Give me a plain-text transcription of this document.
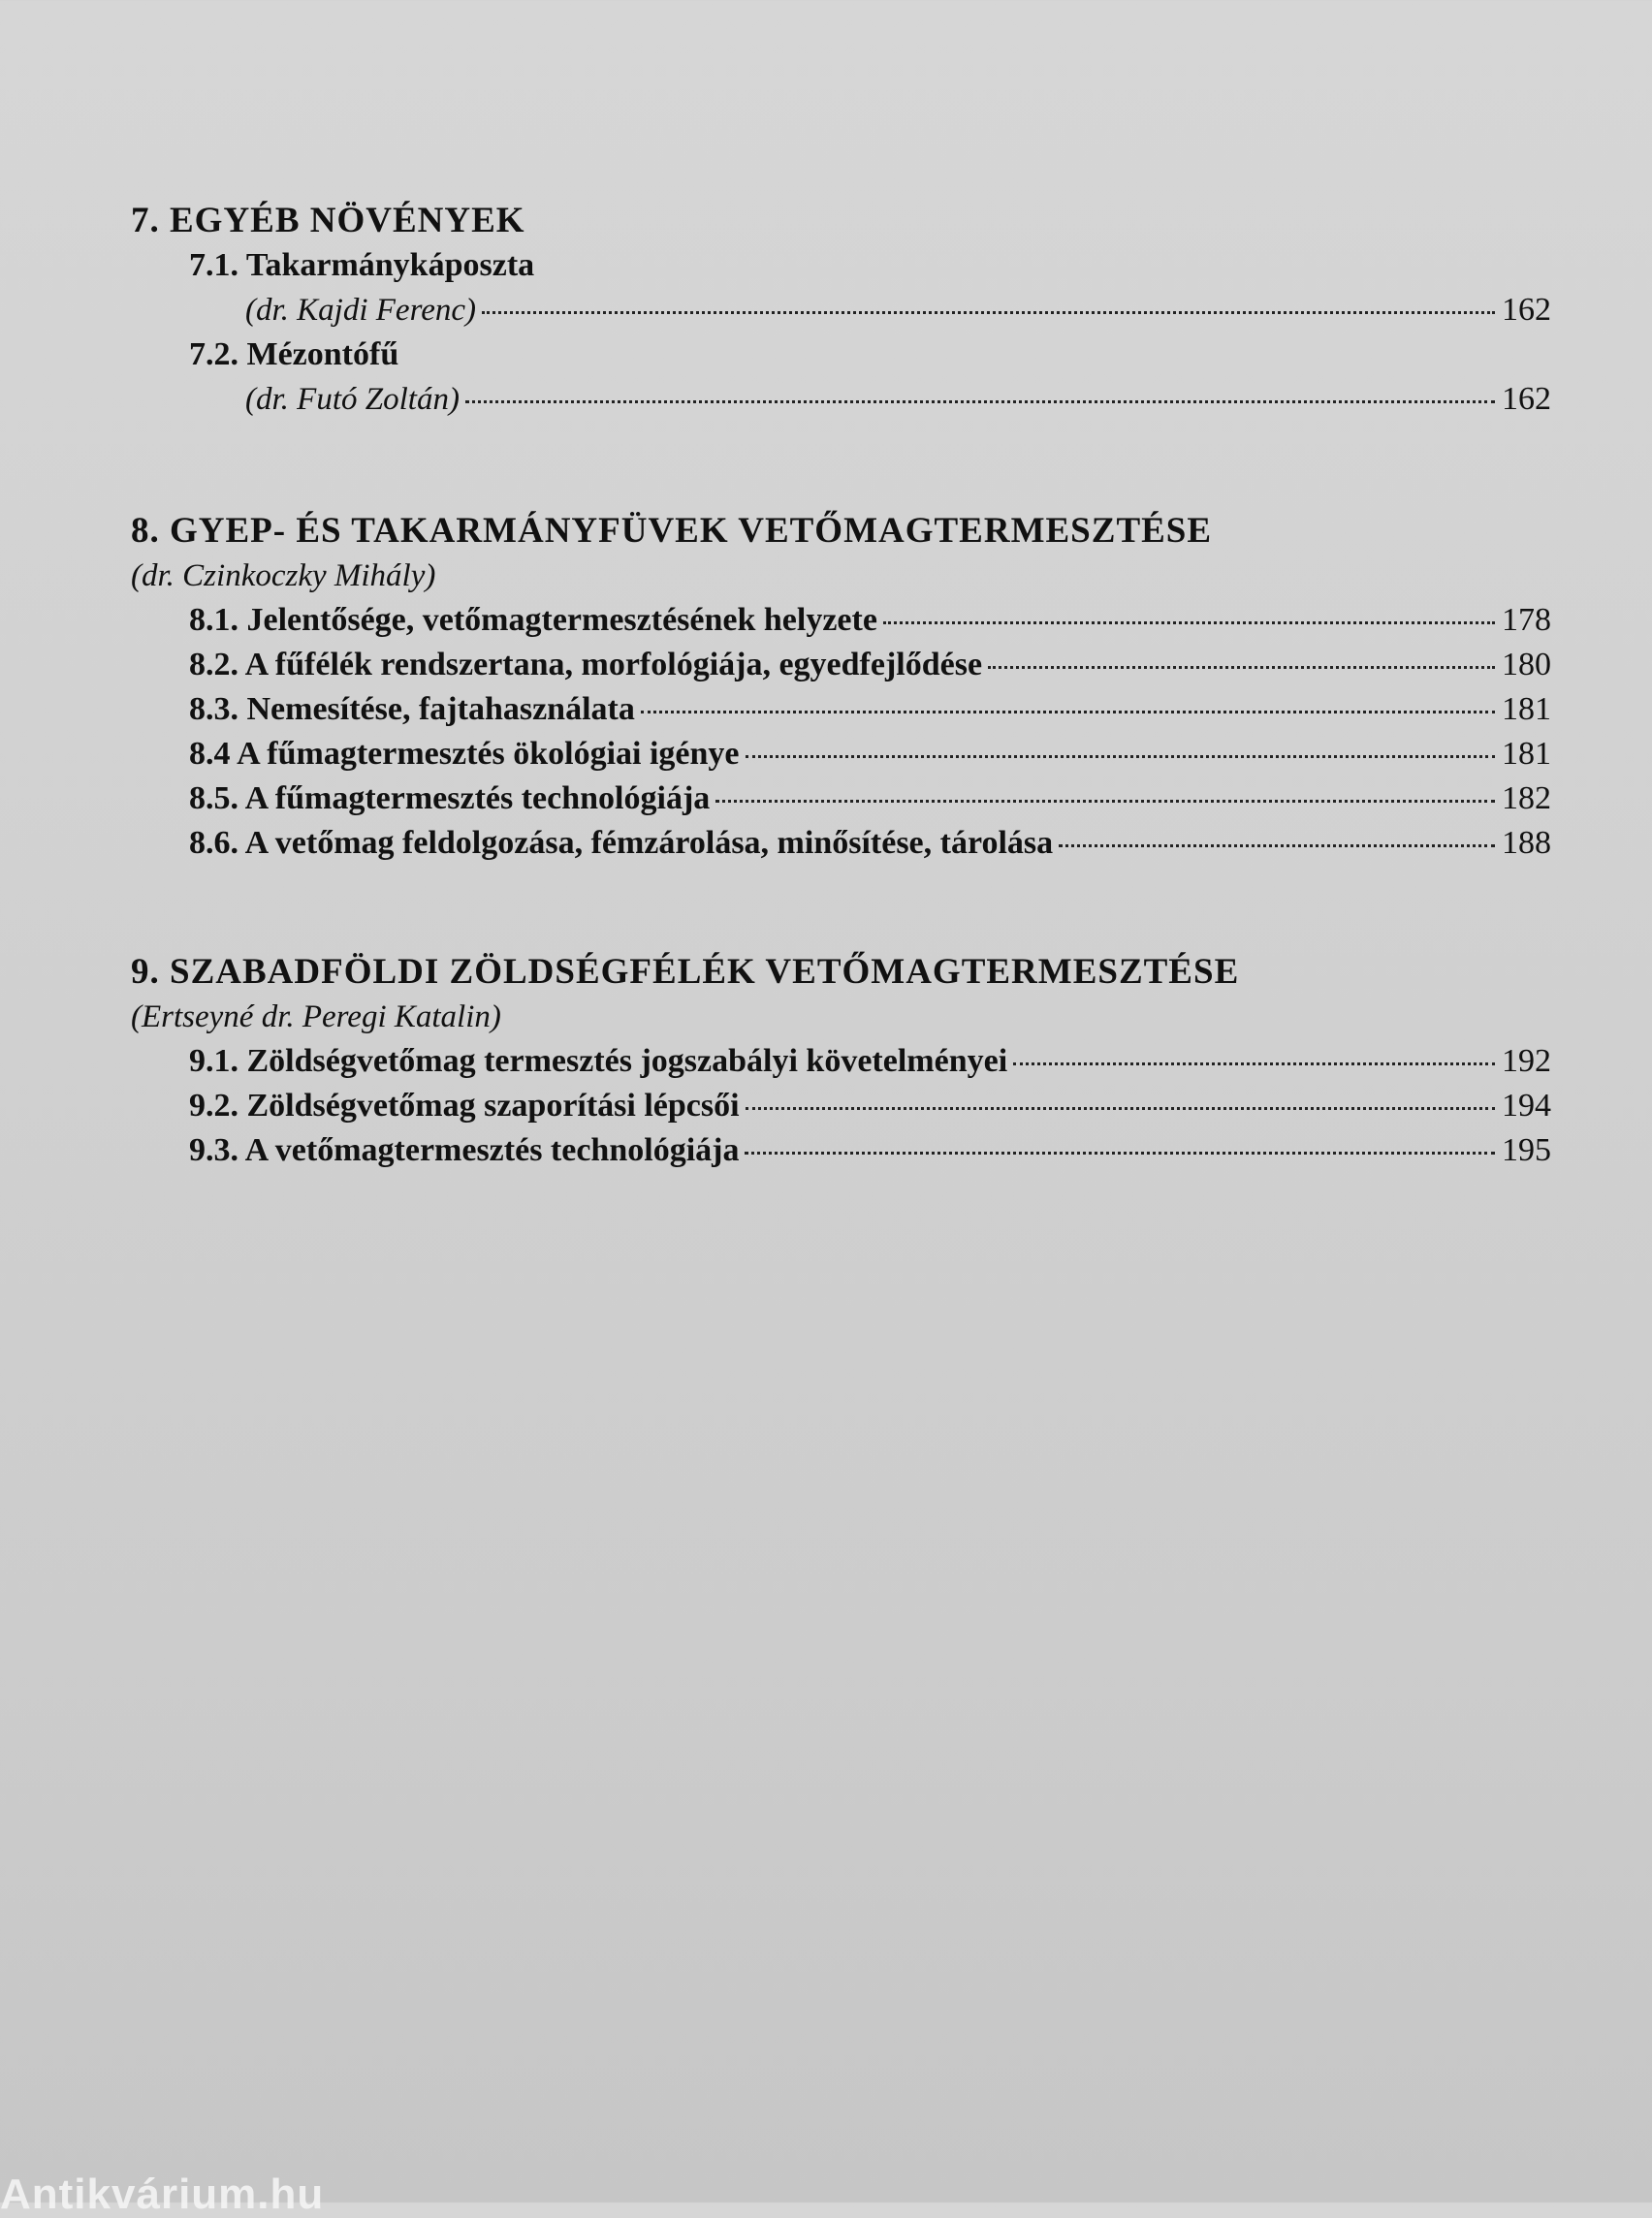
7. EGYÉB NÖVÉNYEK
7.1. Takarmánykáposzta
(dr. Kajdi Ferenc)	162
7.2. Mézontófű
(dr. Futó Zoltán)	162
8. GYEP- ÉS TAKARMÁNYFÜVEK VETŐMAGTERMESZTÉSE
(dr. Czinkoczky Mihály)
8.1. Jelentősége, vetőmagtermesztésének helyzete	178
8.2. A fűfélék rendszertana, morfológiája, egyedfejlődése	180
8.3. Nemesítése, fajtahasználata	181
8.4 A fűmagtermesztés ökológiai igénye	181
8.5. A fűmagtermesztés technológiája	182
8.6. A vetőmag feldolgozása, fémzárolása, minősítése, tárolása	188
9. SZABADFÖLDI ZÖLDSÉGFÉLÉK VETŐMAGTERMESZTÉSE
(Ertseyné dr. Peregi Katalin)
9.1. Zöldségvetőmag termesztés jogszabályi követelményei	192
9.2. Zöldségvetőmag szaporítási lépcsői	194
9.3. A vetőmagtermesztés technológiája	195
Antikvárium.hu
